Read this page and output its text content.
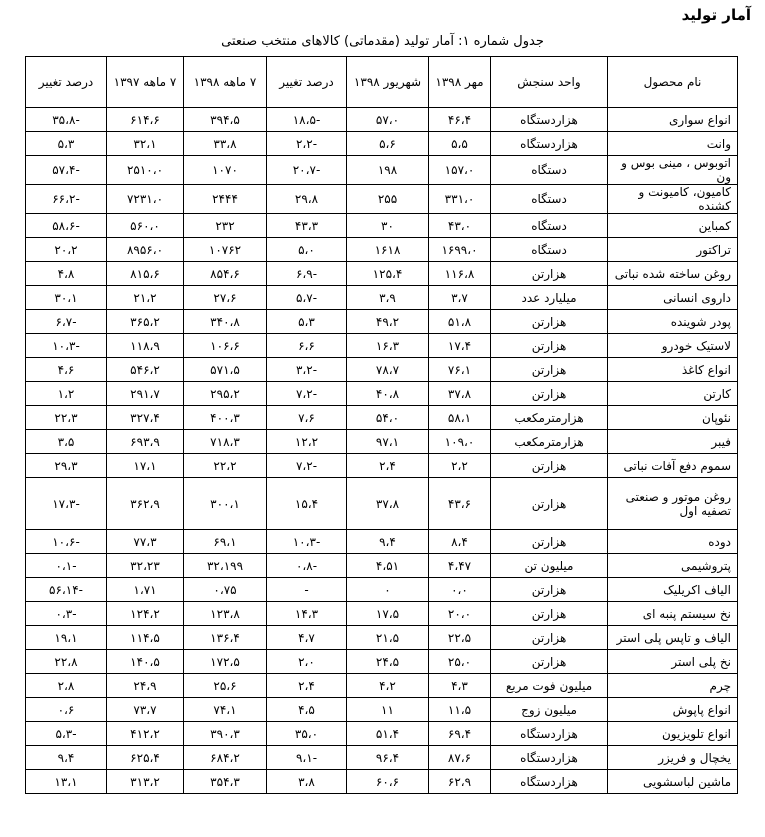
آمار تولید
جدول شماره ۱: آمار تولید (مقدماتی) کالاهای منتخب صنعتی
نام محصول	واحد سنجش	مهر ۱۳۹۸	شهریور ۱۳۹۸	درصد تغییر	۷ ماهه ۱۳۹۸	۷ ماهه ۱۳۹۷	درصد تغییر
انواع سواری	هزاردستگاه	۴۶،۴	۵۷،۰	-۱۸،۵	۳۹۴،۵	۶۱۴،۶	-۳۵،۸
وانت	هزاردستگاه	۵،۵	۵،۶	-۲،۲	۳۳،۸	۳۲،۱	۵،۳
اتوبوس ، مینی بوس و ون	دستگاه	۱۵۷،۰	۱۹۸	-۲۰،۷	۱۰۷۰	۲۵۱۰،۰	-۵۷،۴
کامیون، کامیونت و کشنده	دستگاه	۳۳۱،۰	۲۵۵	۲۹،۸	۲۴۴۴	۷۲۳۱،۰	-۶۶،۲
کمباین	دستگاه	۴۳،۰	۳۰	۴۳،۳	۲۳۲	۵۶۰،۰	-۵۸،۶
تراکتور	دستگاه	۱۶۹۹،۰	۱۶۱۸	۵،۰	۱۰۷۶۲	۸۹۵۶،۰	۲۰،۲
روغن ساخته شده نباتی	هزارتن	۱۱۶،۸	۱۲۵،۴	-۶،۹	۸۵۴،۶	۸۱۵،۶	۴،۸
داروی انسانی	میلیارد عدد	۳،۷	۳،۹	-۵،۷	۲۷،۶	۲۱،۲	۳۰،۱
پودر شوینده	هزارتن	۵۱،۸	۴۹،۲	۵،۳	۳۴۰،۸	۳۶۵،۲	-۶،۷
لاستیک خودرو	هزارتن	۱۷،۴	۱۶،۳	۶،۶	۱۰۶،۶	۱۱۸،۹	-۱۰،۳
انواع کاغذ	هزارتن	۷۶،۱	۷۸،۷	-۳،۲	۵۷۱،۵	۵۴۶،۲	۴،۶
کارتن	هزارتن	۳۷،۸	۴۰،۸	-۷،۲	۲۹۵،۲	۲۹۱،۷	۱،۲
نئوپان	هزارمترمکعب	۵۸،۱	۵۴،۰	۷،۶	۴۰۰،۳	۳۲۷،۴	۲۲،۳
فیبر	هزارمترمکعب	۱۰۹،۰	۹۷،۱	۱۲،۲	۷۱۸،۳	۶۹۳،۹	۳،۵
سموم دفع آفات نباتی	هزارتن	۲،۲	۲،۴	-۷،۲	۲۲،۲	۱۷،۱	۲۹،۳
روغن موتور و صنعتی تصفیه اول	هزارتن	۴۳،۶	۳۷،۸	۱۵،۴	۳۰۰،۱	۳۶۲،۹	-۱۷،۳
دوده	هزارتن	۸،۴	۹،۴	-۱۰،۳	۶۹،۱	۷۷،۳	-۱۰،۶
پتروشیمی	میلیون تن	۴،۴۷	۴،۵۱	-۰،۸	۳۲،۱۹۹	۳۲،۲۳	-۰،۱
الیاف اکریلیک	هزارتن	۰،۰	۰	-	۰،۷۵	۱،۷۱	-۵۶،۱۴
نخ سیستم پنبه ای	هزارتن	۲۰،۰	۱۷،۵	۱۴،۳	۱۲۳،۸	۱۲۴،۲	-۰،۳
الیاف و تاپس پلی استر	هزارتن	۲۲،۵	۲۱،۵	۴،۷	۱۳۶،۴	۱۱۴،۵	۱۹،۱
نخ پلی استر	هزارتن	۲۵،۰	۲۴،۵	۲،۰	۱۷۲،۵	۱۴۰،۵	۲۲،۸
چرم	میلیون فوت مربع	۴،۳	۴،۲	۲،۴	۲۵،۶	۲۴،۹	۲،۸
انواع پاپوش	میلیون زوج	۱۱،۵	۱۱	۴،۵	۷۴،۱	۷۳،۷	۰،۶
انواع تلویزیون	هزاردستگاه	۶۹،۴	۵۱،۴	۳۵،۰	۳۹۰،۳	۴۱۲،۲	-۵،۳
یخچال و فریزر	هزاردستگاه	۸۷،۶	۹۶،۴	-۹،۱	۶۸۴،۲	۶۲۵،۴	۹،۴
ماشین لباسشویی	هزاردستگاه	۶۲،۹	۶۰،۶	۳،۸	۳۵۴،۳	۳۱۳،۲	۱۳،۱
